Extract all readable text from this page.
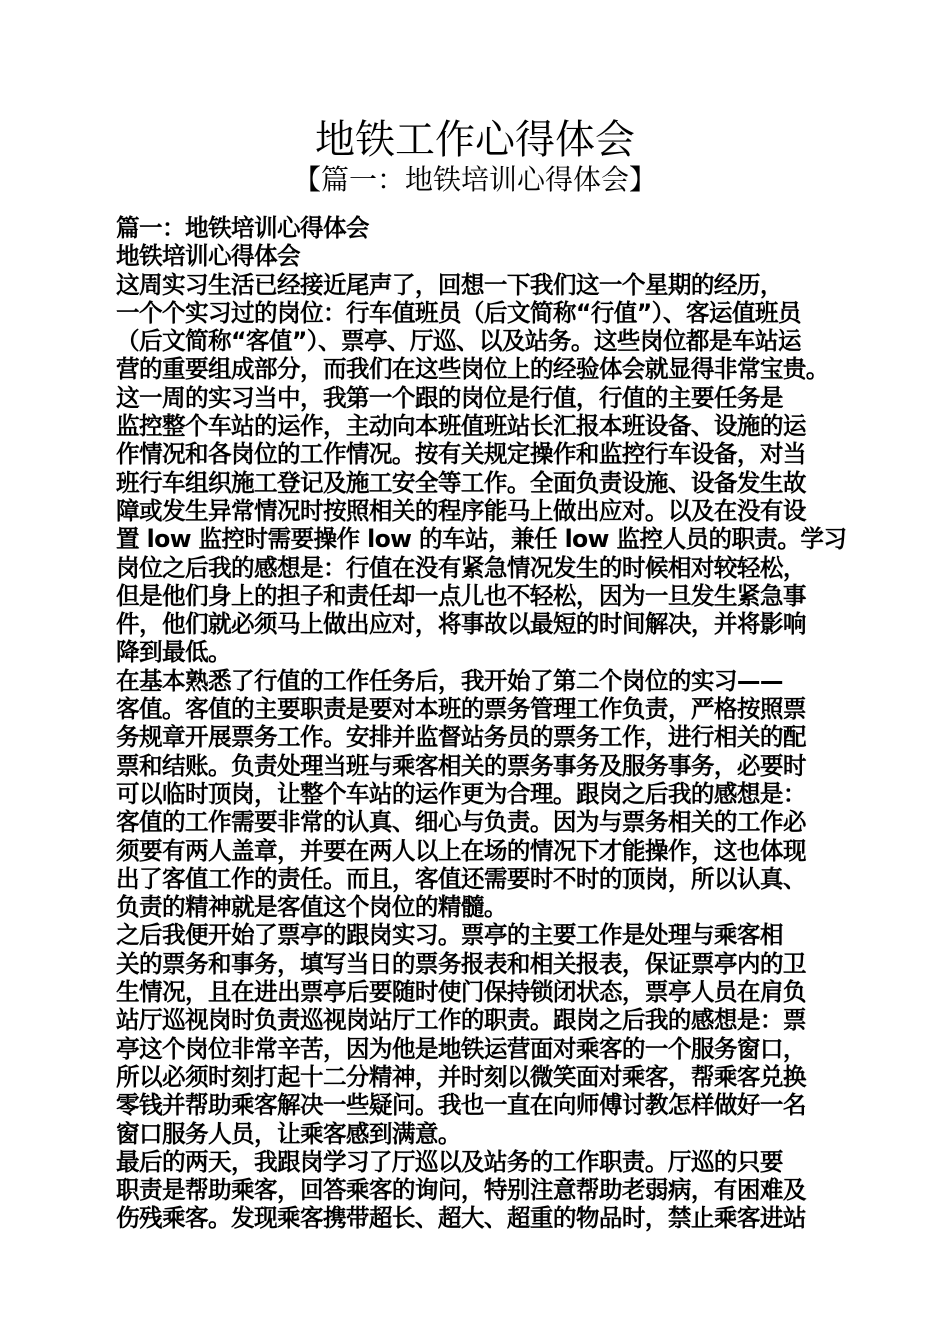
地铁工作心得体会
【篇一：地铁培训心得体会】
篇一：地铁培训心得体会
地铁培训心得体会
这周实习生活已经接近尾声了，回想一下我们这一个星期的经历，
一个个实习过的岗位：行车值班员（后文简称“行值”）、客运值班员
（后文简称“客值”）、票亭、厅巡、以及站务。这些岗位都是车站运
营的重要组成部分，而我们在这些岗位上的经验体会就显得非常宝贵。
这一周的实习当中，我第一个跟的岗位是行值，行值的主要任务是
监控整个车站的运作，主动向本班值班站长汇报本班设备、设施的运
作情况和各岗位的工作情况。按有关规定操作和监控行车设备，对当
班行车组织施工登记及施工安全等工作。全面负责设施、设备发生故
障或发生异常情况时按照相关的程序能马上做出应对。以及在没有设
置 low 监控时需要操作 low 的车站，兼任 low 监控人员的职责。学习
岗位之后我的感想是：行值在没有紧急情况发生的时候相对较轻松，
但是他们身上的担子和责任却一点儿也不轻松，因为一旦发生紧急事
件，他们就必须马上做出应对，将事故以最短的时间解决，并将影响
降到最低。
在基本熟悉了行值的工作任务后，我开始了第二个岗位的实习——
客值。客值的主要职责是要对本班的票务管理工作负责，严格按照票
务规章开展票务工作。安排并监督站务员的票务工作，进行相关的配
票和结账。负责处理当班与乘客相关的票务事务及服务事务，必要时
可以临时顶岗，让整个车站的运作更为合理。跟岗之后我的感想是：
客值的工作需要非常的认真、细心与负责。因为与票务相关的工作必
须要有两人盖章，并要在两人以上在场的情况下才能操作，这也体现
出了客值工作的责任。而且，客值还需要时不时的顶岗，所以认真、
负责的精神就是客值这个岗位的精髓。
之后我便开始了票亭的跟岗实习。票亭的主要工作是处理与乘客相
关的票务和事务，填写当日的票务报表和相关报表，保证票亭内的卫
生情况，且在进出票亭后要随时使门保持锁闭状态，票亭人员在肩负
站厅巡视岗时负责巡视岗站厅工作的职责。跟岗之后我的感想是：票
亭这个岗位非常辛苦，因为他是地铁运营面对乘客的一个服务窗口，
所以必须时刻打起十二分精神，并时刻以微笑面对乘客，帮乘客兑换
零钱并帮助乘客解决一些疑问。我也一直在向师傅讨教怎样做好一名
窗口服务人员，让乘客感到满意。
最后的两天，我跟岗学习了厅巡以及站务的工作职责。厅巡的只要
职责是帮助乘客，回答乘客的询问，特别注意帮助老弱病，有困难及
伤残乘客。发现乘客携带超长、超大、超重的物品时，禁止乘客进站
